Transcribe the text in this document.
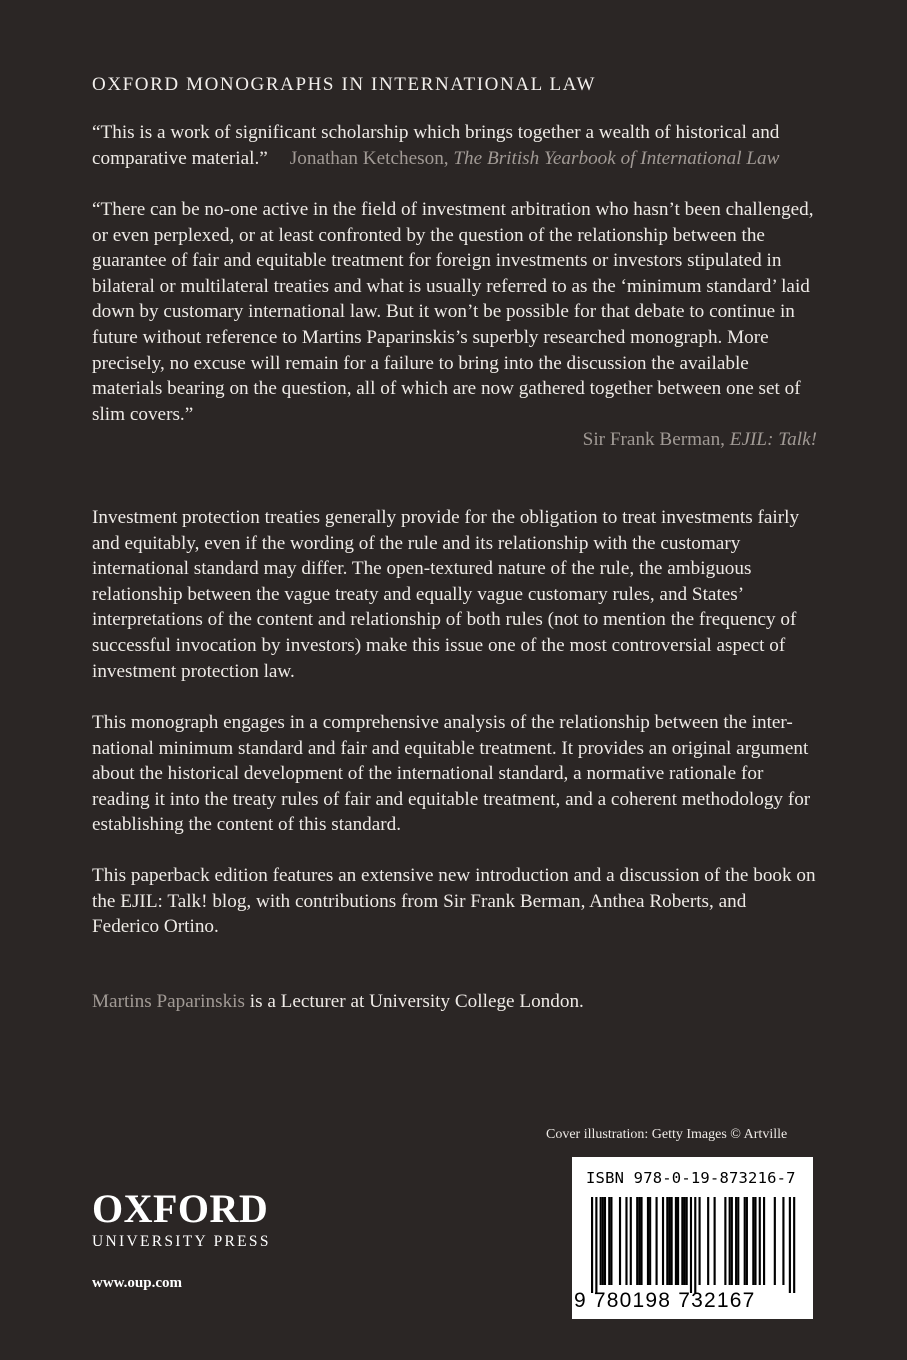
OXFORD MONOGRAPHS IN INTERNATIONAL LAW
“This is a work of significant scholarship which brings together a wealth of historical and comparative material.” Jonathan Ketcheson, The British Yearbook of International Law
“There can be no-one active in the field of investment arbitration who hasn’t been challenged, or even perplexed, or at least confronted by the question of the relationship between the guarantee of fair and equitable treatment for foreign investments or investors stipulated in bilateral or multilateral treaties and what is usually referred to as the ‘minimum standard’ laid down by customary international law. But it won’t be possible for that debate to continue in future without reference to Martins Paparinskis’s superbly researched monograph. More precisely, no excuse will remain for a failure to bring into the discussion the available materials bearing on the question, all of which are now gathered together between one set of slim covers.”
Sir Frank Berman, EJIL: Talk!

Investment protection treaties generally provide for the obligation to treat investments fairly and equitably, even if the wording of the rule and its relationship with the customary international standard may differ. The open-textured nature of the rule, the ambiguous relationship between the vague treaty and equally vague customary rules, and States’ interpretations of the content and relationship of both rules (not to mention the frequency of successful invocation by investors) make this issue one of the most controversial aspect of investment protection law.

This monograph engages in a comprehensive analysis of the relationship between the inter-national minimum standard and fair and equitable treatment. It provides an original argument about the historical development of the international standard, a normative rationale for reading it into the treaty rules of fair and equitable treatment, and a coherent methodology for establishing the content of this standard.

This paperback edition features an extensive new introduction and a discussion of the book on the EJIL: Talk! blog, with contributions from Sir Frank Berman, Anthea Roberts, and Federico Ortino.

Martins Paparinskis is a Lecturer at University College London.
Cover illustration: Getty Images © Artville
OXFORD
UNIVERSITY PRESS
www.oup.com
ISBN 978-0-19-873216-7
9 780198 732167
